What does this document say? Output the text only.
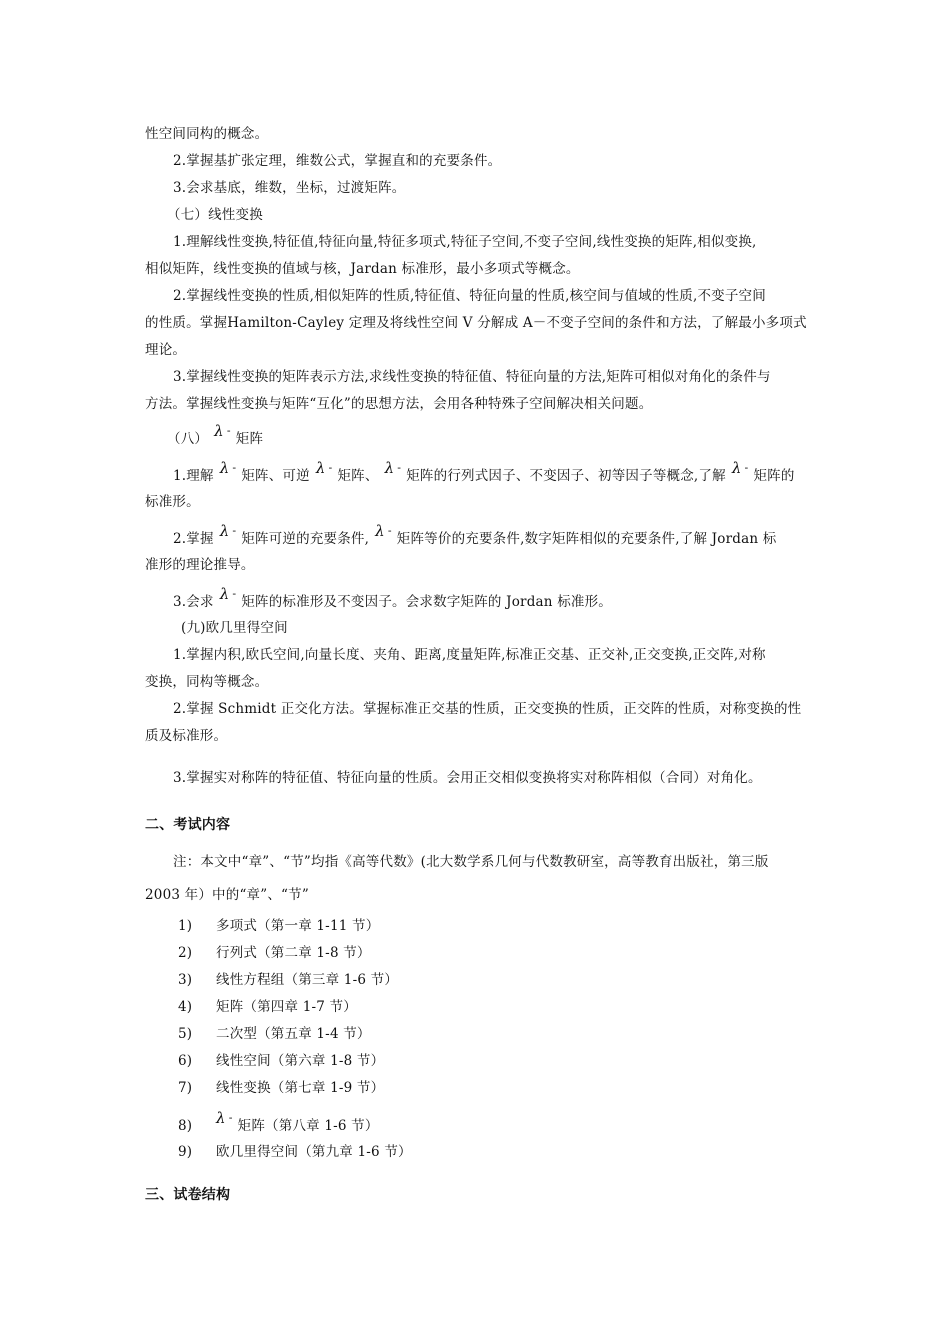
性空间同构的概念。
2.掌握基扩张定理，维数公式，掌握直和的充要条件。
3.会求基底，维数，坐标，过渡矩阵。
（七）线性变换
1.理解线性变换,特征值,特征向量,特征多项式,特征子空间,不变子空间,线性变换的矩阵,相似变换,
相似矩阵，线性变换的值域与核，Jardan 标准形，最小多项式等概念。
2.掌握线性变换的性质,相似矩阵的性质,特征值、特征向量的性质,核空间与值域的性质,不变子空间
的性质。掌握Hamilton-Cayley 定理及将线性空间 V 分解成 A－不变子空间的条件和方法，了解最小多项式
理论。
3.掌握线性变换的矩阵表示方法,求线性变换的特征值、特征向量的方法,矩阵可相似对角化的条件与
方法。掌握线性变换与矩阵“互化”的思想方法，会用各种特殊子空间解决相关问题。
（八） λ -矩阵
1.理解 λ -矩阵、可逆 λ -矩阵、 λ -矩阵的行列式因子、不变因子、初等因子等概念,了解 λ -矩阵的
标准形。
2.掌握 λ -矩阵可逆的充要条件, λ -矩阵等价的充要条件,数字矩阵相似的充要条件,了解 Jordan 标
准形的理论推导。
3.会求 λ -矩阵的标准形及不变因子。会求数字矩阵的 Jordan 标准形。
(九)欧几里得空间
1.掌握内积,欧氏空间,向量长度、夹角、距离,度量矩阵,标准正交基、正交补,正交变换,正交阵,对称
变换，同构等概念。
2.掌握 Schmidt 正交化方法。掌握标准正交基的性质，正交变换的性质，正交阵的性质，对称变换的性
质及标准形。
3.掌握实对称阵的特征值、特征向量的性质。会用正交相似变换将实对称阵相似（合同）对角化。
二、考试内容
注：本文中“章”、“节”均指《高等代数》(北大数学系几何与代数教研室，高等教育出版社，第三版
2003 年）中的“章”、“节”
1) 多项式（第一章 1-11 节）
2) 行列式（第二章 1-8 节）
3) 线性方程组（第三章 1-6 节）
4) 矩阵（第四章 1-7 节）
5) 二次型（第五章 1-4 节）
6) 线性空间（第六章 1-8 节）
7) 线性变换（第七章 1-9 节）
8) λ -矩阵（第八章 1-6 节）
9) 欧几里得空间（第九章 1-6 节）
三、试卷结构
